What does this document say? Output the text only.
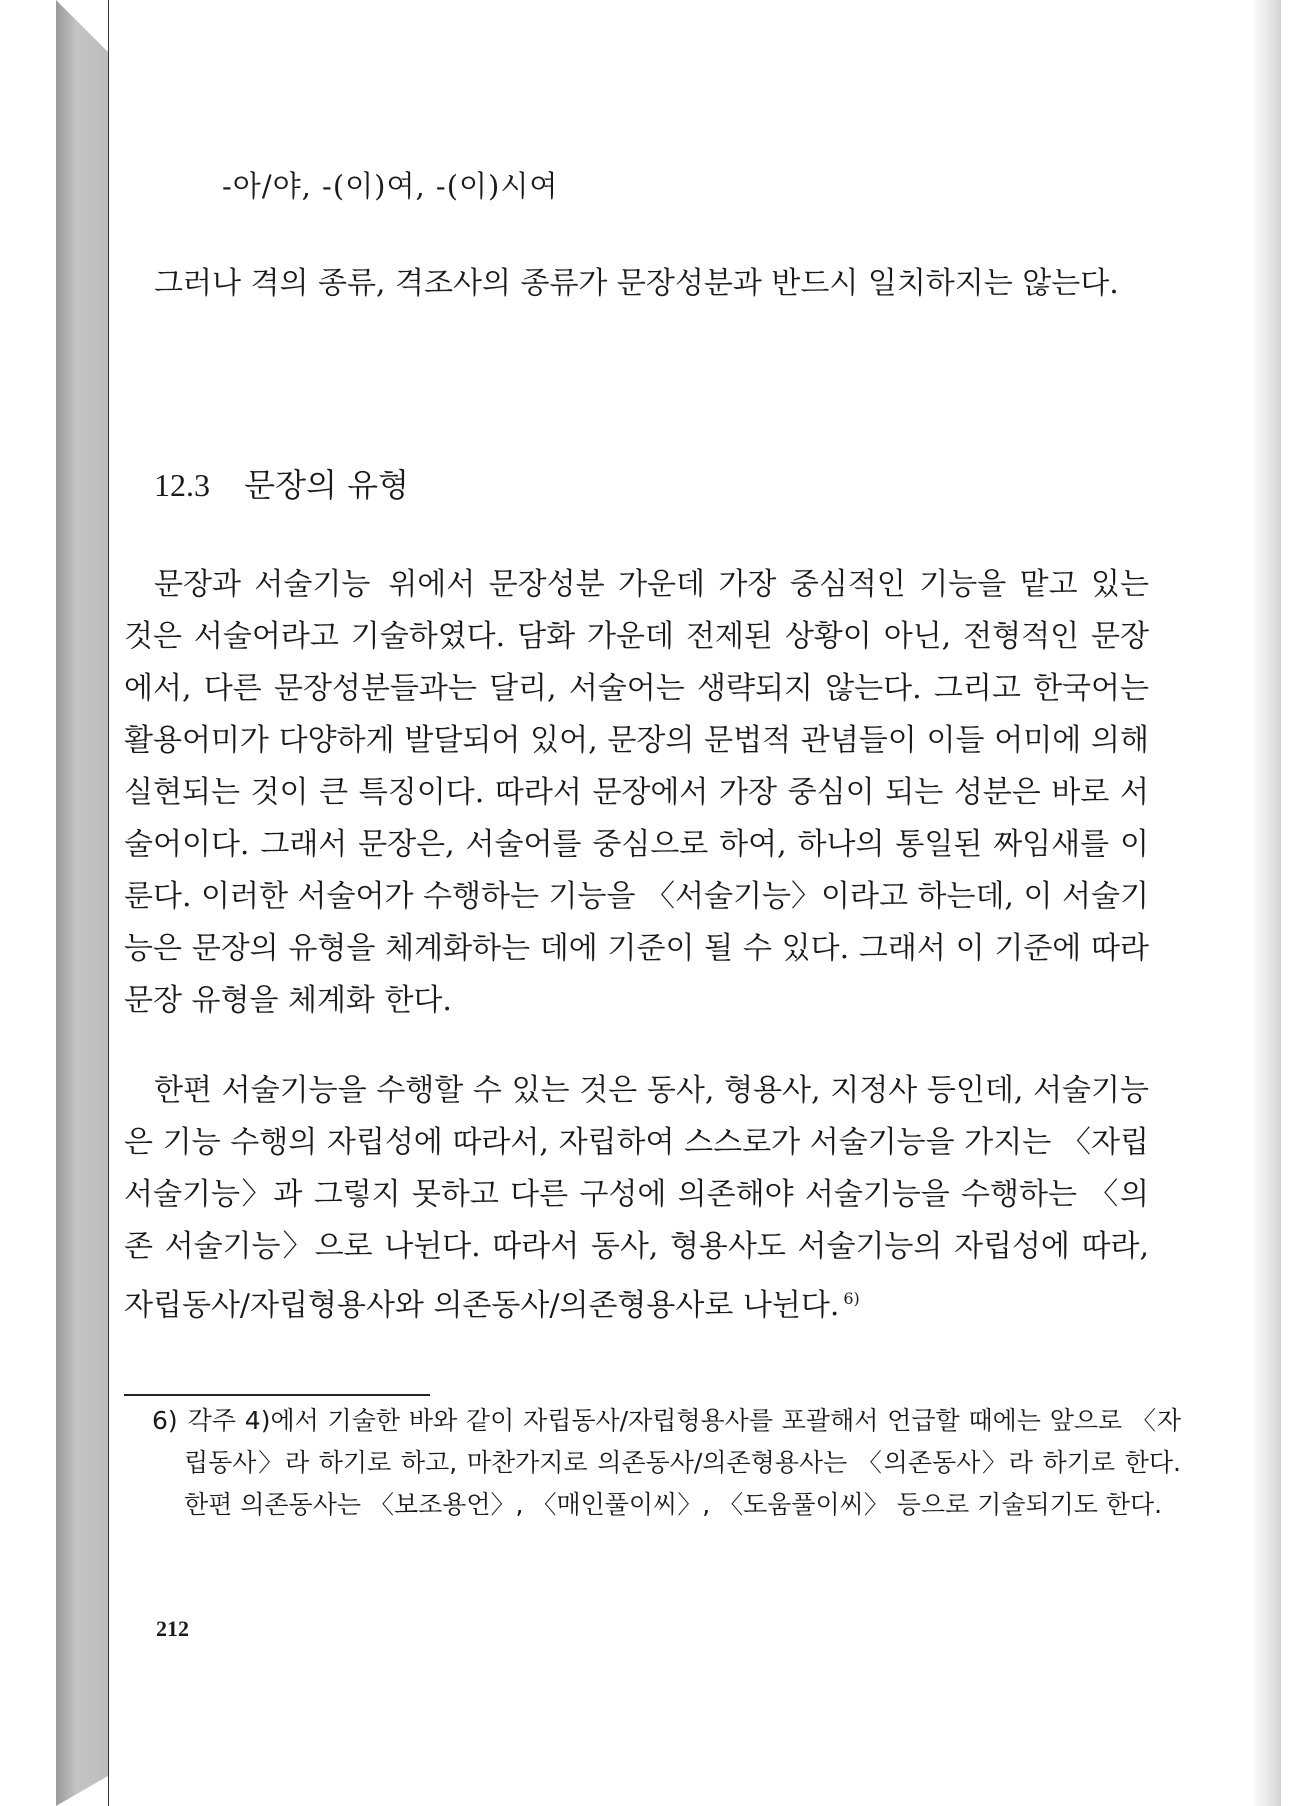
-아/야, -(이)여, -(이)시여

그러나 격의 종류, 격조사의 종류가 문장성분과 반드시 일치하지는 않는다.

12.3 문장의 유형

문장과 서술기능 위에서 문장성분 가운데 가장 중심적인 기능을 맡고 있는 것은 서술어라고 기술하였다. 담화 가운데 전제된 상황이 아닌, 전형적인 문장에서, 다른 문장성분들과는 달리, 서술어는 생략되지 않는다. 그리고 한국어는 활용어미가 다양하게 발달되어 있어, 문장의 문법적 관념들이 이들 어미에 의해 실현되는 것이 큰 특징이다. 따라서 문장에서 가장 중심이 되는 성분은 바로 서술어이다. 그래서 문장은, 서술어를 중심으로 하여, 하나의 통일된 짜임새를 이룬다. 이러한 서술어가 수행하는 기능을 〈서술기능〉이라고 하는데, 이 서술기능은 문장의 유형을 체계화하는 데에 기준이 될 수 있다. 그래서 이 기준에 따라 문장 유형을 체계화 한다.

한편 서술기능을 수행할 수 있는 것은 동사, 형용사, 지정사 등인데, 서술기능은 기능 수행의 자립성에 따라서, 자립하여 스스로가 서술기능을 가지는 〈자립 서술기능〉과 그렇지 못하고 다른 구성에 의존해야 서술기능을 수행하는 〈의존 서술기능〉으로 나뉜다. 따라서 동사, 형용사도 서술기능의 자립성에 따라, 자립동사/자립형용사와 의존동사/의존형용사로 나뉜다. $^{6)}$

6) 각주 4)에서 기술한 바와 같이 자립동사/자립형용사를 포괄해서 언급할 때에는 앞으로 〈자립동사〉라 하기로 하고, 마찬가지로 의존동사/의존형용사는 〈의존동사〉라 하기로 한다. 한편 의존동사는 〈보조용언〉, 〈매인풀이씨〉, 〈도움풀이씨〉 등으로 기술되기도 한다.

212
